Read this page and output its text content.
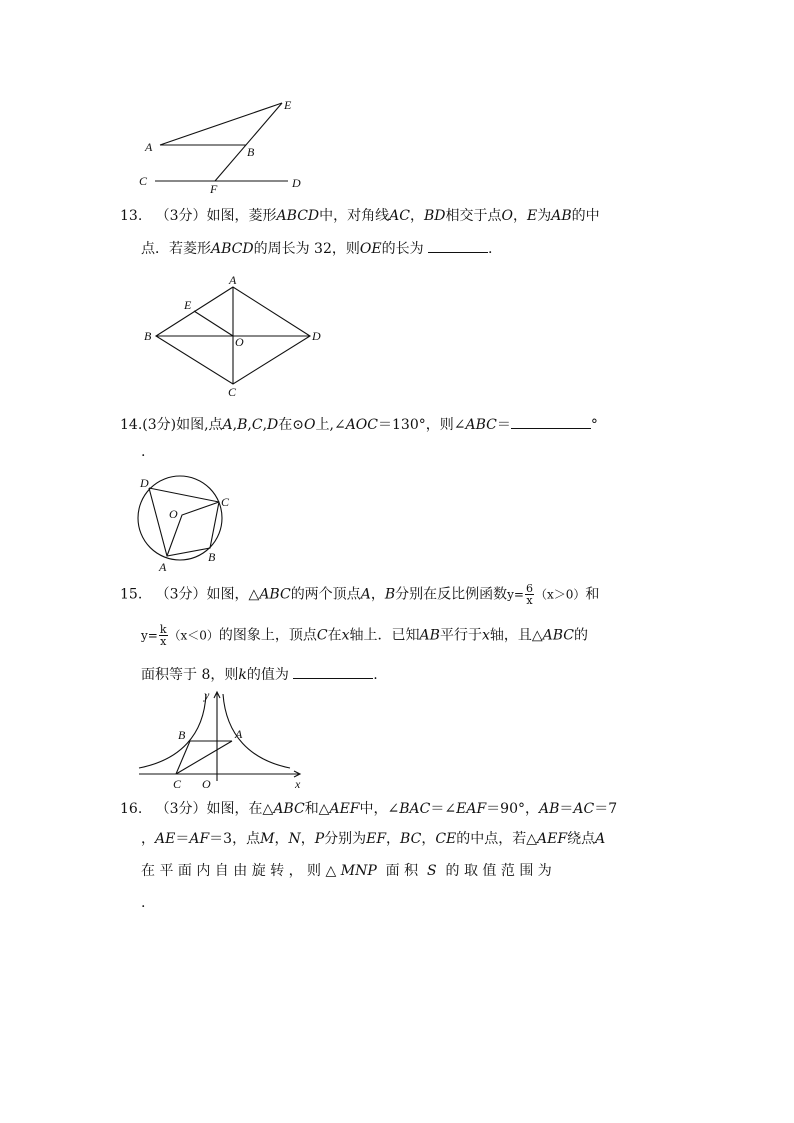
E
A	B
C
F	D
13. （3分）如图，菱形ABCD中，对角线AC，BD相交于点O，E为AB的中
点．若菱形ABCD的周长为 32，则OE的长为	.
A
E
B	O	D
C
14.(3分)如图,点A,B,C,D在⊙O上,∠AOC＝130°，则∠ABC＝	°
.
D
C
O
B
A
15. （3分）如图，△ABC的两个顶点A，B分别在反比例函数$y= \frac{6}{x} (x>0)$和
$y= \frac{k}{x} (x<0)$的图象上，顶点C在x轴上．已知AB平行于x轴，且△ABC的
面积等于 8，则k的值为	.
y
B	A
C O	x
16. （3分）如图，在△ABC和△AEF中，∠BAC＝∠EAF＝90°，AB＝AC＝7
，AE＝AF＝3，点M，N，P分别为EF，BC，CE的中点，若△AEF绕点A
在 平 面 内 自 由 旋 转 ， 则 △ MNP 面 积 S 的 取 值 范 围 为
.
